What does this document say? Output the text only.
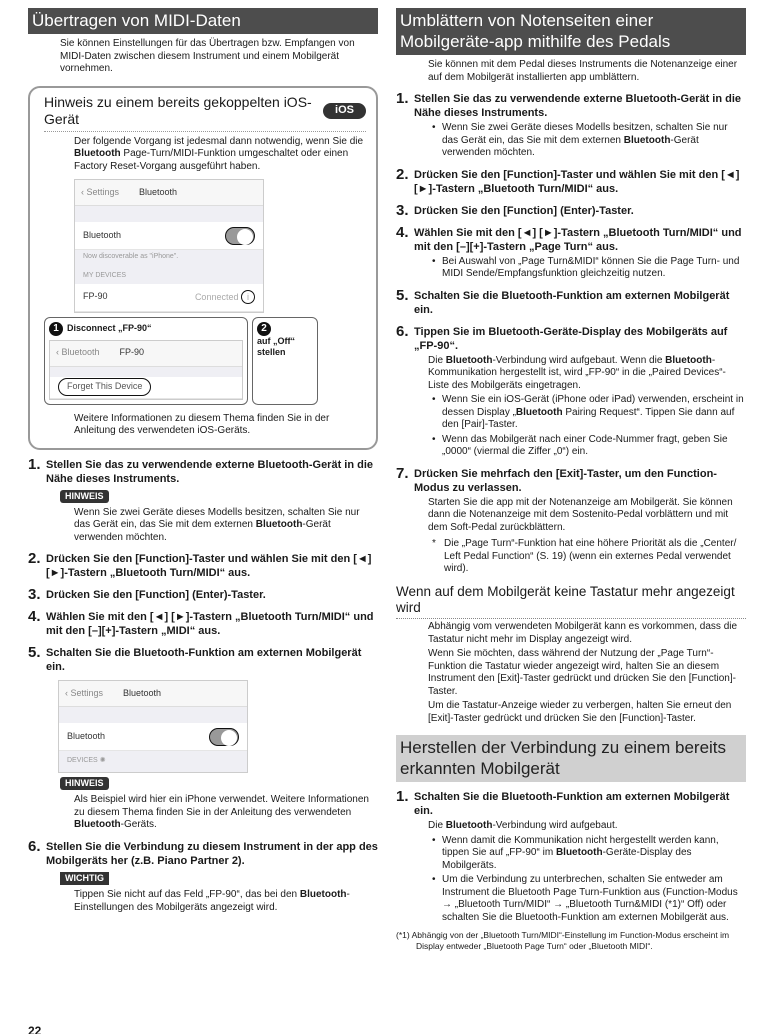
Übertragen von MIDI-Daten

Sie können Einstellungen für das Übertragen bzw. Empfangen von MIDI-Daten zwischen diesem Instrument und einem Mobilgerät vornehmen.

Hinweis zu einem bereits gekoppelten iOS-Gerät
iOS

Der folgende Vorgang ist jedesmal dann notwendig, wenn Sie die Bluetooth Page-Turn/MIDI-Funktion umgeschaltet oder einen Factory Reset-Vorgang ausgeführt haben.

‹ Settings Bluetooth
Bluetooth
Now discoverable as "iPhone".
MY DEVICES
FP-90	Connected i
1 Disconnect „FP-90“
‹ Bluetooth FP-90
Forget This Device
2
auf „Off“ stellen

Weitere Informationen zu diesem Thema finden Sie in der Anleitung des verwendeten iOS-Geräts.

1. Stellen Sie das zu verwendende externe Bluetooth-Gerät in die Nähe dieses Instruments.
HINWEIS

Wenn Sie zwei Geräte dieses Modells besitzen, schalten Sie nur das Gerät ein, das Sie mit dem externen Bluetooth-Gerät verwenden möchten.

2. Drücken Sie den [Function]-Taster und wählen Sie mit den [◄] [►]-Tastern „Bluetooth Turn/MIDI“ aus.
3. Drücken Sie den [Function] (Enter)-Taster.
4. Wählen Sie mit den [◄] [►]-Tastern „Bluetooth Turn/MIDI“ und mit den [–][+]-Tastern „MIDI“ aus.
5. Schalten Sie die Bluetooth-Funktion am externen Mobilgerät ein.
‹ Settings Bluetooth
Bluetooth
DEVICES ✺
HINWEIS

Als Beispiel wird hier ein iPhone verwendet. Weitere Informationen zu diesem Thema finden Sie in der Anleitung des verwendeten Bluetooth-Geräts.

6. Stellen Sie die Verbindung zu diesem Instrument in der app des Mobilgeräts her (z.B. Piano Partner 2).
WICHTIG

Tippen Sie nicht auf das Feld „FP-90“, das bei den Bluetooth-Einstellungen des Mobilgeräts angezeigt wird.

Umblättern von Notenseiten einer Mobilgeräte-app mithilfe des Pedals

Sie können mit dem Pedal dieses Instruments die Notenanzeige einer auf dem Mobilgerät installierten app umblättern.

1. Stellen Sie das zu verwendende externe Bluetooth-Gerät in die Nähe dieses Instruments.

• Wenn Sie zwei Geräte dieses Modells besitzen, schalten Sie nur das Gerät ein, das Sie mit dem externen Bluetooth-Gerät verwenden möchten.

2. Drücken Sie den [Function]-Taster und wählen Sie mit den [◄] [►]-Tastern „Bluetooth Turn/MIDI“ aus.
3. Drücken Sie den [Function] (Enter)-Taster.
4. Wählen Sie mit den [◄] [►]-Tastern „Bluetooth Turn/MIDI“ und mit den [–][+]-Tastern „Page Turn“ aus.

• Bei Auswahl von „Page Turn&MIDI“ können Sie die Page Turn- und MIDI Sende/Empfangsfunktion gleichzeitig nutzen.

5. Schalten Sie die Bluetooth-Funktion am externen Mobilgerät ein.
6. Tippen Sie im Bluetooth-Geräte-Display des Mobilgeräts auf „FP-90“.

Die Bluetooth-Verbindung wird aufgebaut. Wenn die Bluetooth-Kommunikation hergestellt ist, wird „FP-90“ in die „Paired Devices“-Liste des Mobilgeräts eingetragen.

• Wenn Sie ein iOS-Gerät (iPhone oder iPad) verwenden, erscheint in dessen Display „Bluetooth Pairing Request“. Tippen Sie dann auf den [Pair]-Taster.

• Wenn das Mobilgerät nach einer Code-Nummer fragt, geben Sie „0000“ (viermal die Ziffer „0“) ein.

7. Drücken Sie mehrfach den [Exit]-Taster, um den Function-Modus zu verlassen.

Starten Sie die app mit der Notenanzeige am Mobilgerät. Sie können dann die Notenanzeige mit dem Sostenito-Pedal vorblättern und mit dem Soft-Pedal zurückblättern.

* Die „Page Turn“-Funktion hat eine höhere Priorität als die „Center/ Left Pedal Function“ (S. 19) (wenn ein externes Pedal verwendet wird).

Wenn auf dem Mobilgerät keine Tastatur mehr angezeigt wird

Abhängig vom verwendeten Mobilgerät kann es vorkommen, dass die Tastatur nicht mehr im Display angezeigt wird.

Wenn Sie möchten, dass während der Nutzung der „Page Turn“-Funktion die Tastatur wieder angezeigt wird, halten Sie an diesem Instrument den [Exit]-Taster gedrückt und drücken Sie den [Function]-Taster.

Um die Tastatur-Anzeige wieder zu verbergen, halten Sie erneut den [Exit]-Taster gedrückt und drücken Sie den [Function]-Taster.

Herstellen der Verbindung zu einem bereits erkannten Mobilgerät
1. Schalten Sie die Bluetooth-Funktion am externen Mobilgerät ein.

Die Bluetooth-Verbindung wird aufgebaut.

• Wenn damit die Kommunikation nicht hergestellt werden kann, tippen Sie auf „FP-90“ im Bluetooth-Geräte-Display des Mobilgeräts.

• Um die Verbindung zu unterbrechen, schalten Sie entweder am Instrument die Bluetooth Page Turn-Funktion aus (Function-Modus → „Bluetooth Turn/MIDI“ → „Bluetooth Turn&MIDI (*1)“ Off) oder schalten Sie die Bluetooth-Funktion am externen Mobilgerät aus.

(*1) Abhängig von der „Bluetooth Turn/MIDI“-Einstellung im Function-Modus erscheint im Display entweder „Bluetooth Page Turn“ oder „Bluetooth MIDI“.

22
